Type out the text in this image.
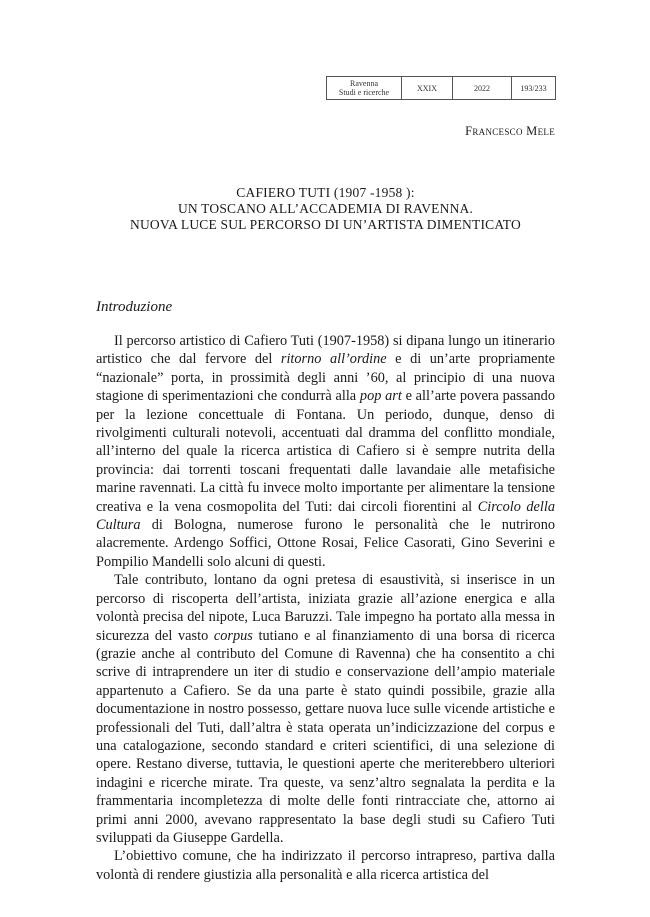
Ravenna
Studi e ricerche	XXIX	2022	193/233
Francesco Mele
CAFIERO TUTI (1907 -1958 ):
UN TOSCANO ALL’ACCADEMIA DI RAVENNA.
NUOVA LUCE SUL PERCORSO DI UN’ARTISTA DIMENTICATO
Introduzione

Il percorso artistico di Cafiero Tuti (1907-1958) si dipana lungo un itinerario artistico che dal fervore del ritorno all’ordine e di un’arte propriamente “nazionale” porta, in prossimità degli anni ’60, al principio di una nuova stagione di sperimentazioni che condurrà alla pop art e all’arte povera passando per la lezione concettuale di Fontana. Un periodo, dunque, denso di rivolgimenti culturali notevoli, accentuati dal dramma del conflitto mondiale, all’interno del quale la ricerca artistica di Cafiero si è sempre nutrita della provincia: dai torrenti toscani frequentati dalle lavandaie alle metafisiche marine ravennati. La città fu invece molto importante per alimentare la tensione creativa e la vena cosmopolita del Tuti: dai circoli fiorentini al Circolo della Cultura di Bologna, numerose furono le personalità che le nutrirono alacremente. Ardengo Soffici, Ottone Rosai, Felice Casorati, Gino Severini e Pompilio Mandelli solo alcuni di questi.

Tale contributo, lontano da ogni pretesa di esaustività, si inserisce in un percorso di riscoperta dell’artista, iniziata grazie all’azione energica e alla volontà precisa del nipote, Luca Baruzzi. Tale impegno ha portato alla messa in sicurezza del vasto corpus tutiano e al finanziamento di una borsa di ricerca (grazie anche al contributo del Comune di Ravenna) che ha consentito a chi scrive di intraprendere un iter di studio e conservazione dell’ampio materiale appartenuto a Cafiero. Se da una parte è stato quindi possibile, grazie alla documentazione in nostro possesso, gettare nuova luce sulle vicende artistiche e professionali del Tuti, dall’altra è stata operata un’indicizzazione del corpus e una catalogazione, secondo standard e criteri scientifici, di una selezione di opere. Restano diverse, tuttavia, le questioni aperte che meriterebbero ulteriori indagini e ricerche mirate. Tra queste, va senz’altro segnalata la perdita e la frammentaria incompletezza di molte delle fonti rintracciate che, attorno ai primi anni 2000, avevano rappresentato la base degli studi su Cafiero Tuti sviluppati da Giuseppe Gardella.

L’obiettivo comune, che ha indirizzato il percorso intrapreso, partiva dalla volontà di rendere giustizia alla personalità e alla ricerca artistica del
